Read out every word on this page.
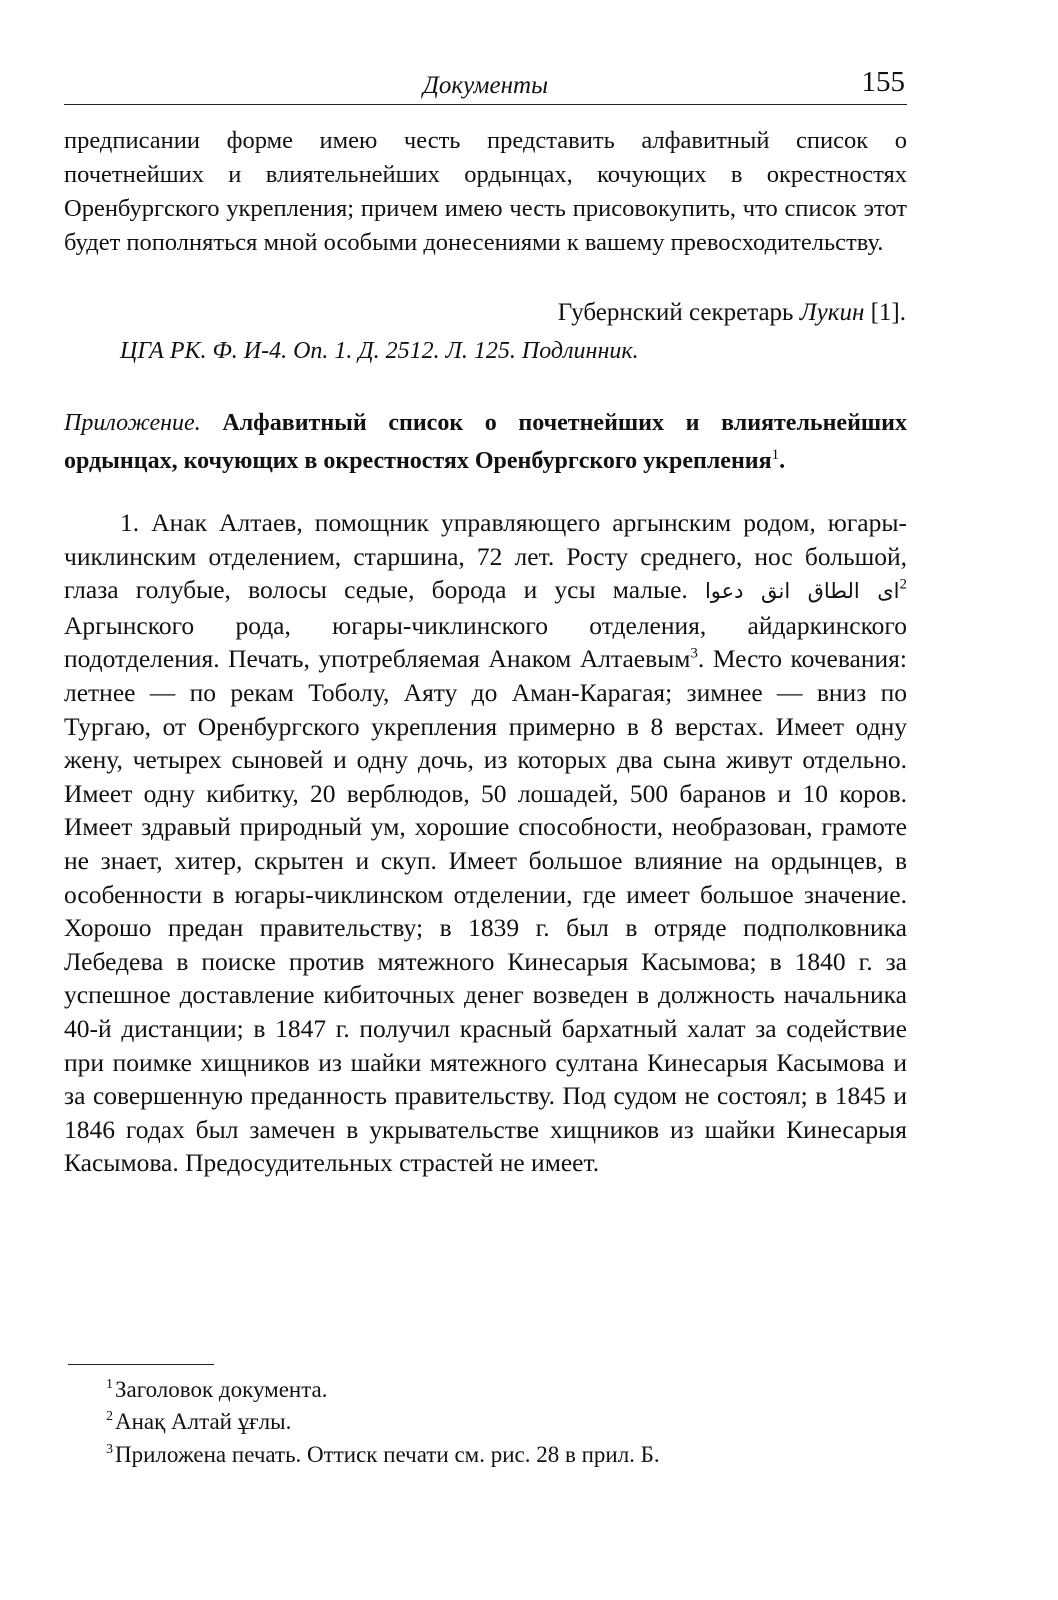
Документы	155

предписании форме имею честь представить алфавитный список о почетнейших и влиятельнейших ордынцах, кочующих в окрестностях Оренбургского укрепления; причем имею честь присовокупить, что список этот будет пополняться мной особыми донесениями к вашему превосходительству.

Губернский секретарь Лукин [1].
ЦГА РК. Ф. И-4. Оп. 1. Д. 2512. Л. 125. Подлинник.

Приложение. Алфавитный список о почетнейших и влиятельнейших ордынцах, кочующих в окрестностях Оренбургского укрепления$^1$.

1. Анак Алтаев, помощник управляющего аргынским родом, югары-чиклинским отделением, старшина, 72 лет. Росту среднего, нос большой, глаза голубые, волосы седые, борода и усы малые. ای الطاق انق دعوا$^2$ Аргынского рода, югары-чиклинского отделения, айдаркинского подотделения. Печать, употребляемая Анаком Алтаевым$^3$. Место кочевания: летнее — по рекам Тоболу, Аяту до Аман-Карагая; зимнее — вниз по Тургаю, от Оренбургского укрепления примерно в 8 верстах. Имеет одну жену, четырех сыновей и одну дочь, из которых два сына живут отдельно. Имеет одну кибитку, 20 верблюдов, 50 лошадей, 500 баранов и 10 коров. Имеет здравый природный ум, хорошие способности, необразован, грамоте не знает, хитер, скрытен и скуп. Имеет большое влияние на ордынцев, в особенности в югары-чиклинском отделении, где имеет большое значение. Хорошо предан правительству; в 1839 г. был в отряде подполковника Лебедева в поиске против мятежного Кинесарыя Касымова; в 1840 г. за успешное доставление кибиточных денег возведен в должность начальника 40-й дистанции; в 1847 г. получил красный бархатный халат за содействие при поимке хищников из шайки мятежного султана Кинесарыя Касымова и за совершенную преданность правительству. Под судом не состоял; в 1845 и 1846 годах был замечен в укрывательстве хищников из шайки Кинесарыя Касымова. Предосудительных страстей не имеет.

$^1$Заголовок документа.
$^2$Анақ Алтай ұғлы.
$^3$Приложена печать. Оттиск печати см. рис. 28 в прил. Б.
